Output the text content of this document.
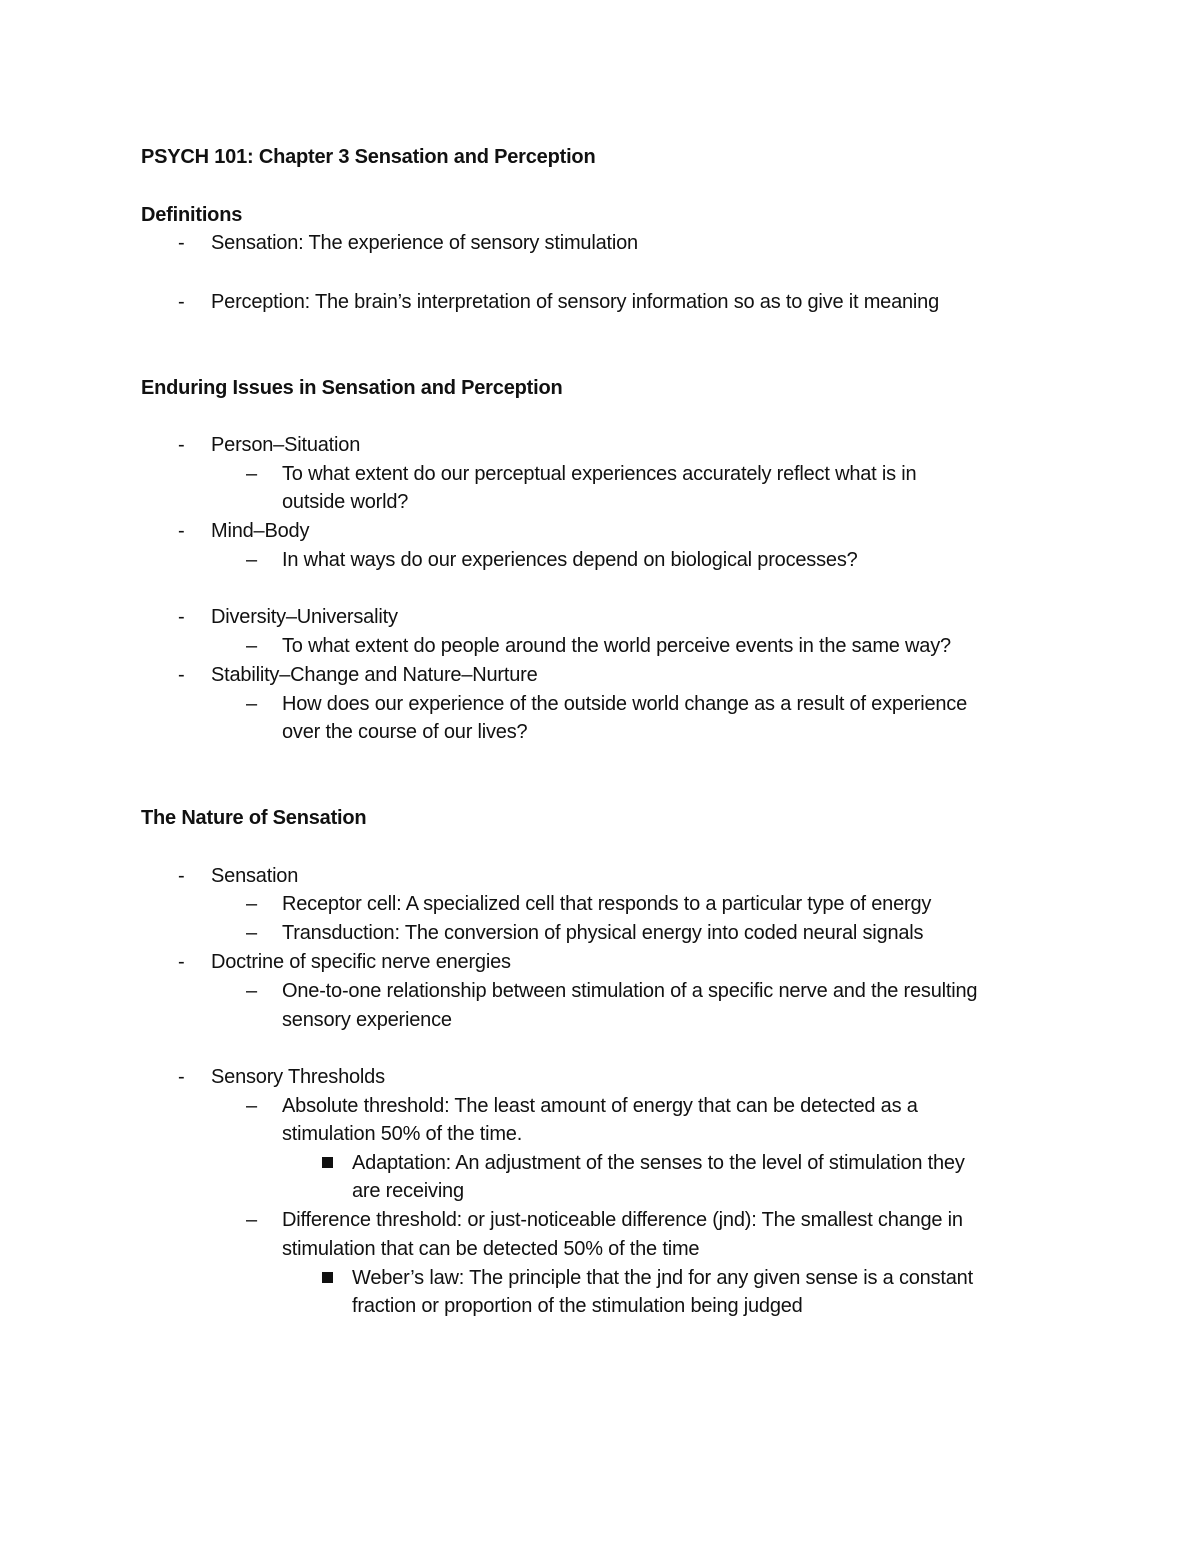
PSYCH 101: Chapter 3 Sensation and Perception
Definitions
- Sensation: The experience of sensory stimulation
- Perception: The brain’s interpretation of sensory information so as to give it meaning
Enduring Issues in Sensation and Perception
- Person–Situation
– To what extent do our perceptual experiences accurately reflect what is in
outside world?
- Mind–Body
– In what ways do our experiences depend on biological processes?
- Diversity–Universality
– To what extent do people around the world perceive events in the same way?
- Stability–Change and Nature–Nurture
– How does our experience of the outside world change as a result of experience
over the course of our lives?
The Nature of Sensation
- Sensation
– Receptor cell: A specialized cell that responds to a particular type of energy
– Transduction: The conversion of physical energy into coded neural signals
- Doctrine of specific nerve energies
– One-to-one relationship between stimulation of a specific nerve and the resulting
sensory experience
- Sensory Thresholds
– Absolute threshold: The least amount of energy that can be detected as a
stimulation 50% of the time.
Adaptation: An adjustment of the senses to the level of stimulation they
are receiving
– Difference threshold: or just-noticeable difference (jnd): The smallest change in
stimulation that can be detected 50% of the time
Weber’s law: The principle that the jnd for any given sense is a constant
fraction or proportion of the stimulation being judged
